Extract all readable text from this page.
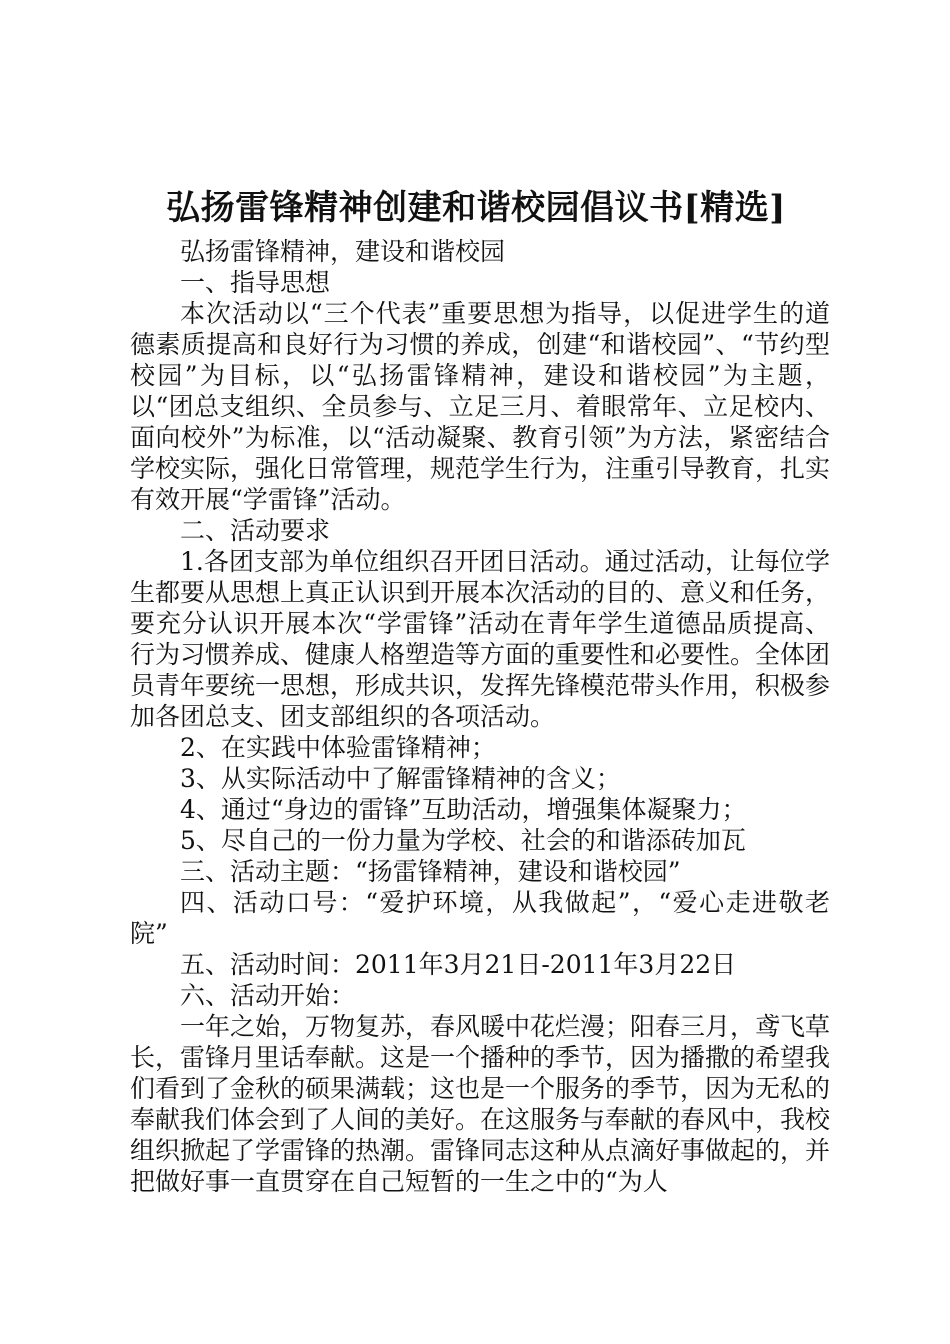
弘扬雷锋精神创建和谐校园倡议书[精选]

弘扬雷锋精神，建设和谐校园

一、指导思想

本次活动以“三个代表”重要思想为指导，以促进学生的道德素质提高和良好行为习惯的养成，创建“和谐校园”、“节约型校园”为目标，以“弘扬雷锋精神，建设和谐校园”为主题，以“团总支组织、全员参与、立足三月、着眼常年、立足校内、面向校外”为标准，以“活动凝聚、教育引领”为方法，紧密结合学校实际，强化日常管理，规范学生行为，注重引导教育，扎实有效开展“学雷锋”活动。

二、活动要求

1.各团支部为单位组织召开团日活动。通过活动，让每位学生都要从思想上真正认识到开展本次活动的目的、意义和任务，要充分认识开展本次“学雷锋”活动在青年学生道德品质提高、行为习惯养成、健康人格塑造等方面的重要性和必要性。全体团员青年要统一思想，形成共识，发挥先锋模范带头作用，积极参加各团总支、团支部组织的各项活动。

2、在实践中体验雷锋精神；

3、从实际活动中了解雷锋精神的含义；

4、通过“身边的雷锋”互助活动，增强集体凝聚力；

5、尽自己的一份力量为学校、社会的和谐添砖加瓦

三、活动主题：“扬雷锋精神，建设和谐校园”

四、活动口号：“爱护环境，从我做起”，“爱心走进敬老院”

五、活动时间：2011年3月21日-2011年3月22日

六、活动开始：

一年之始，万物复苏，春风暖中花烂漫；阳春三月，鸢飞草长，雷锋月里话奉献。这是一个播种的季节，因为播撒的希望我们看到了金秋的硕果满载；这也是一个服务的季节，因为无私的奉献我们体会到了人间的美好。在这服务与奉献的春风中，我校组织掀起了学雷锋的热潮。雷锋同志这种从点滴好事做起的，并把做好事一直贯穿在自己短暂的一生之中的“为人
